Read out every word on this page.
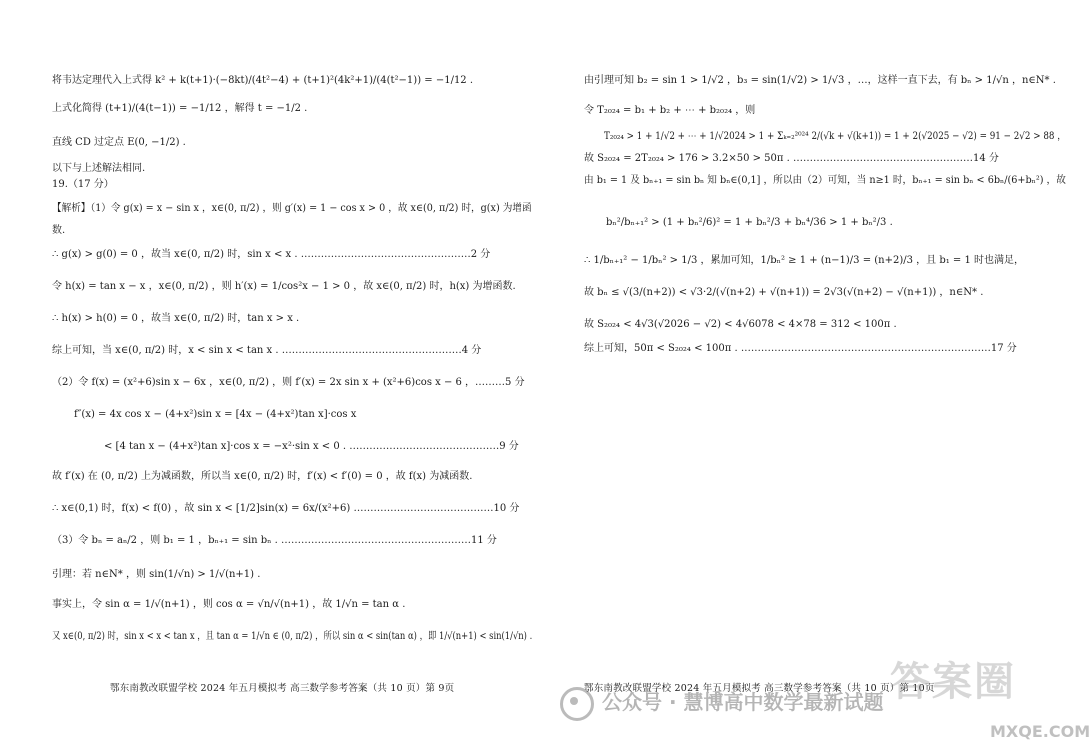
将韦达定理代入上式得 k² + k(t+1)·(−8kt)/(4t²−4) + (t+1)²(4k²+1)/(4(t²−1)) = −1/12 .
上式化简得 (t+1)/(4(t−1)) = −1/12 ，解得 t = −1/2 .
直线 CD 过定点 E(0, −1/2) .
以下与上述解法相同.
19.（17 分）
【解析】（1）令 g(x) = x − sin x ，x∈(0, π/2) ，则 g′(x) = 1 − cos x > 0 ，故 x∈(0, π/2) 时，g(x) 为增函
数.
∴ g(x) > g(0) = 0 ，故当 x∈(0, π/2) 时，sin x < x . ……………………………………………2 分
令 h(x) = tan x − x ，x∈(0, π/2) ，则 h′(x) = 1/cos²x − 1 > 0 ，故 x∈(0, π/2) 时，h(x) 为增函数.
∴ h(x) > h(0) = 0 ，故当 x∈(0, π/2) 时，tan x > x .
综上可知，当 x∈(0, π/2) 时，x < sin x < tan x . ………………………………………………4 分
（2）令 f(x) = (x²+6)sin x − 6x ，x∈(0, π/2) ，则 f′(x) = 2x sin x + (x²+6)cos x − 6 ，………5 分
f″(x) = 4x cos x − (4+x²)sin x = [4x − (4+x²)tan x]·cos x
< [4 tan x − (4+x²)tan x]·cos x = −x²·sin x < 0 . ………………………………………9 分
故 f′(x) 在 (0, π/2) 上为减函数，所以当 x∈(0, π/2) 时，f′(x) < f′(0) = 0 ，故 f(x) 为减函数.
∴ x∈(0,1) 时，f(x) < f(0) ，故 sin x < [1/2]sin(x) = 6x/(x²+6) ……………………………………10 分
（3）令 bₙ = aₙ/2 ，则 b₁ = 1 ，bₙ₊₁ = sin bₙ . …………………………………………………11 分
引理：若 n∈N* ，则 sin(1/√n) > 1/√(n+1) .
事实上，令 sin α = 1/√(n+1) ，则 cos α = √n/√(n+1) ，故 1/√n = tan α .
又 x∈(0, π/2) 时，sin x < x < tan x ，且 tan α = 1/√n ∈ (0, π/2) ，所以 sin α < sin(tan α) ，即 1/√(n+1) < sin(1/√n) .
鄂东南教改联盟学校 2024 年五月模拟考 高三数学参考答案（共 10 页）第 9页
由引理可知 b₂ = sin 1 > 1/√2 ，b₃ = sin(1/√2) > 1/√3 ，…，这样一直下去，有 bₙ > 1/√n ，n∈N* .
令 T₂₀₂₄ = b₁ + b₂ + ⋯ + b₂₀₂₄ ，则
T₂₀₂₄ > 1 + 1/√2 + ⋯ + 1/√2024 > 1 + Σₖ₌₂²⁰²⁴ 2/(√k + √(k+1)) = 1 + 2(√2025 − √2) = 91 − 2√2 > 88 ，
故 S₂₀₂₄ = 2T₂₀₂₄ > 176 > 3.2×50 > 50π . ………………………………………………14 分
由 b₁ = 1 及 bₙ₊₁ = sin bₙ 知 bₙ∈(0,1] ，所以由（2）可知，当 n≥1 时，bₙ₊₁ = sin bₙ < 6bₙ/(6+bₙ²) ，故
bₙ²/bₙ₊₁² > (1 + bₙ²/6)² = 1 + bₙ²/3 + bₙ⁴/36 > 1 + bₙ²/3 .
∴ 1/bₙ₊₁² − 1/bₙ² > 1/3 ，累加可知，1/bₙ² ≥ 1 + (n−1)/3 = (n+2)/3 ，且 b₁ = 1 时也满足，
故 bₙ ≤ √(3/(n+2)) < √3·2/(√(n+2) + √(n+1)) = 2√3(√(n+2) − √(n+1)) ，n∈N* .
故 S₂₀₂₄ < 4√3(√2026 − √2) < 4√6078 < 4×78 = 312 < 100π .
综上可知，50π < S₂₀₂₄ < 100π . …………………………………………………………………17 分
鄂东南教改联盟学校 2024 年五月模拟考 高三数学参考答案（共 10 页）第 10页
公众号 · 慧博高中数学最新试题 答案圈
MXQE.COM
